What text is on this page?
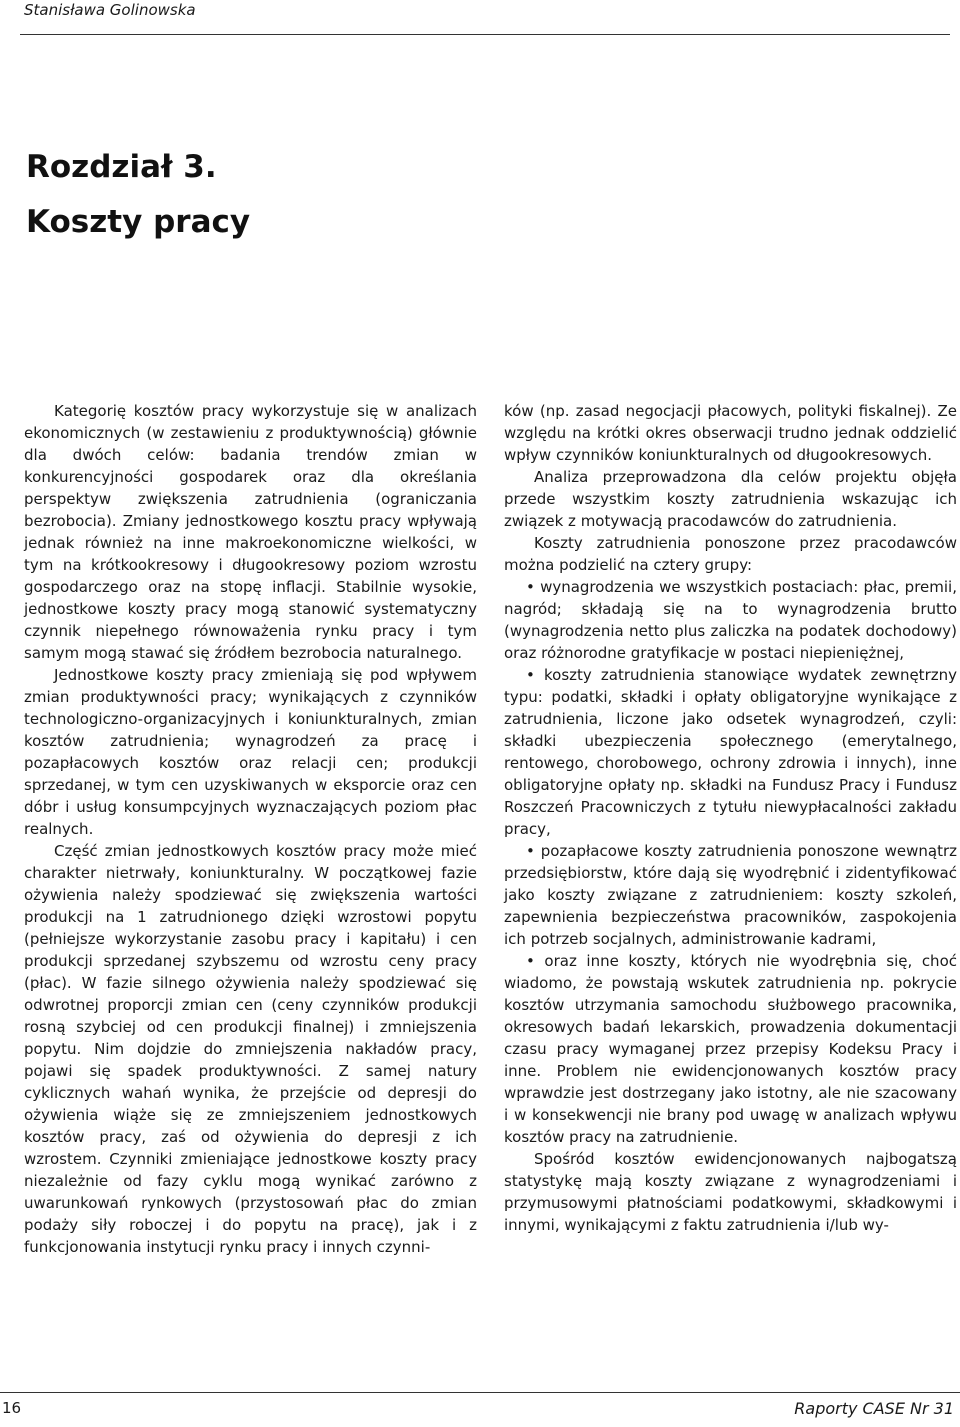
Stanisława Golinowska
Rozdział 3.
Koszty pracy

Kategorię kosztów pracy wykorzystuje się w analizach ekonomicznych (w zestawieniu z produktywnością) głównie dla dwóch celów: badania trendów zmian w konkurencyjności gospodarek oraz dla określania perspektyw zwiększenia zatrudnienia (ograniczania bezrobocia). Zmiany jednostkowego kosztu pracy wpływają jednak również na inne makroekonomiczne wielkości, w tym na krótkookresowy i długookresowy poziom wzrostu gospodarczego oraz na stopę inflacji. Stabilnie wysokie, jednostkowe koszty pracy mogą stanowić systematyczny czynnik niepełnego równoważenia rynku pracy i tym samym mogą stawać się źródłem bezrobocia naturalnego.

Jednostkowe koszty pracy zmieniają się pod wpływem zmian produktywności pracy; wynikających z czynników technologiczno-organizacyjnych i koniunkturalnych, zmian kosztów zatrudnienia; wynagrodzeń za pracę i pozapłacowych kosztów oraz relacji cen; produkcji sprzedanej, w tym cen uzyskiwanych w eksporcie oraz cen dóbr i usług konsumpcyjnych wyznaczających poziom płac realnych.

Część zmian jednostkowych kosztów pracy może mieć charakter nietrwały, koniunkturalny. W początkowej fazie ożywienia należy spodziewać się zwiększenia wartości produkcji na 1 zatrudnionego dzięki wzrostowi popytu (pełniejsze wykorzystanie zasobu pracy i kapitału) i cen produkcji sprzedanej szybszemu od wzrostu ceny pracy (płac). W fazie silnego ożywienia należy spodziewać się odwrotnej proporcji zmian cen (ceny czynników produkcji rosną szybciej od cen produkcji finalnej) i zmniejszenia popytu. Nim dojdzie do zmniejszenia nakładów pracy, pojawi się spadek produktywności. Z samej natury cyklicznych wahań wynika, że przejście od depresji do ożywienia wiąże się ze zmniejszeniem jednostkowych kosztów pracy, zaś od ożywienia do depresji z ich wzrostem. Czynniki zmieniające jednostkowe koszty pracy niezależnie od fazy cyklu mogą wynikać zarówno z uwarunkowań rynkowych (przystosowań płac do zmian podaży siły roboczej i do popytu na pracę), jak i z funkcjonowania instytucji rynku pracy i innych czynni-

ków (np. zasad negocjacji płacowych, polityki fiskalnej). Ze względu na krótki okres obserwacji trudno jednak oddzielić wpływ czynników koniunkturalnych od długookresowych.

Analiza przeprowadzona dla celów projektu objęła przede wszystkim koszty zatrudnienia wskazując ich związek z motywacją pracodawców do zatrudnienia.

Koszty zatrudnienia ponoszone przez pracodawców można podzielić na cztery grupy:

• wynagrodzenia we wszystkich postaciach: płac, premii, nagród; składają się na to wynagrodzenia brutto (wynagrodzenia netto plus zaliczka na podatek dochodowy) oraz różnorodne gratyfikacje w postaci niepieniężnej,

• koszty zatrudnienia stanowiące wydatek zewnętrzny typu: podatki, składki i opłaty obligatoryjne wynikające z zatrudnienia, liczone jako odsetek wynagrodzeń, czyli: składki ubezpieczenia społecznego (emerytalnego, rentowego, chorobowego, ochrony zdrowia i innych), inne obligatoryjne opłaty np. składki na Fundusz Pracy i Fundusz Roszczeń Pracowniczych z tytułu niewypłacalności zakładu pracy,

• pozapłacowe koszty zatrudnienia ponoszone wewnątrz przedsiębiorstw, które dają się wyodrębnić i zidentyfikować jako koszty związane z zatrudnieniem: koszty szkoleń, zapewnienia bezpieczeństwa pracowników, zaspokojenia ich potrzeb socjalnych, administrowanie kadrami,

• oraz inne koszty, których nie wyodrębnia się, choć wiadomo, że powstają wskutek zatrudnienia np. pokrycie kosztów utrzymania samochodu służbowego pracownika, okresowych badań lekarskich, prowadzenia dokumentacji czasu pracy wymaganej przez przepisy Kodeksu Pracy i inne. Problem nie ewidencjonowanych kosztów pracy wprawdzie jest dostrzegany jako istotny, ale nie szacowany i w konsekwencji nie brany pod uwagę w analizach wpływu kosztów pracy na zatrudnienie.

Spośród kosztów ewidencjonowanych najbogatszą statystykę mają koszty związane z wynagrodzeniami i przymusowymi płatnościami podatkowymi, składkowymi i innymi, wynikającymi z faktu zatrudnienia i/lub wy-

16	Raporty CASE Nr 31
